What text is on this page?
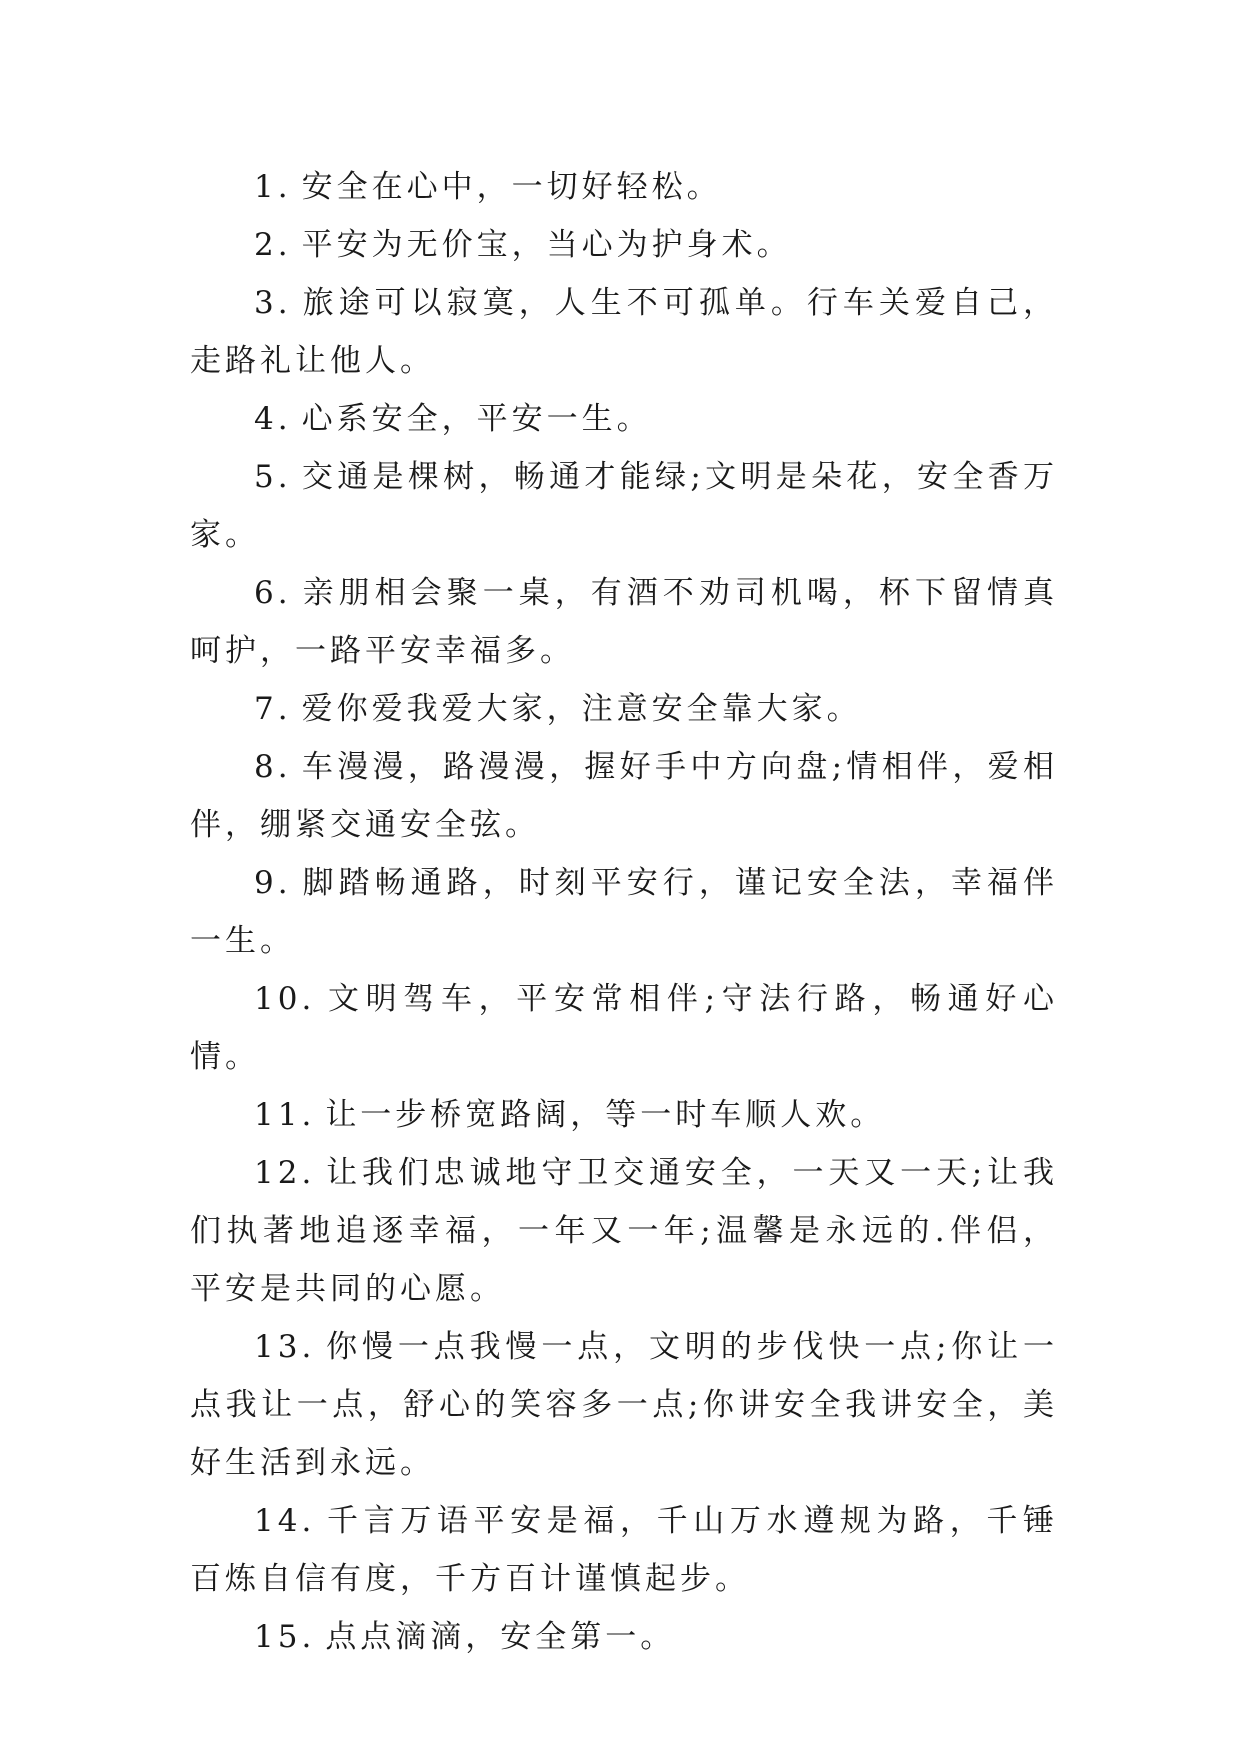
1. 安全在心中，一切好轻松。

2. 平安为无价宝，当心为护身术。

3. 旅途可以寂寞，人生不可孤单。行车关爱自己，走路礼让他人。

4. 心系安全，平安一生。

5. 交通是棵树，畅通才能绿;文明是朵花，安全香万家。

6. 亲朋相会聚一桌，有酒不劝司机喝，杯下留情真呵护，一路平安幸福多。

7. 爱你爱我爱大家，注意安全靠大家。

8. 车漫漫，路漫漫，握好手中方向盘;情相伴，爱相伴，绷紧交通安全弦。

9. 脚踏畅通路，时刻平安行，谨记安全法，幸福伴一生。

10. 文明驾车，平安常相伴;守法行路，畅通好心情。

11. 让一步桥宽路阔，等一时车顺人欢。

12. 让我们忠诚地守卫交通安全，一天又一天;让我们执著地追逐幸福，一年又一年;温馨是永远的.伴侣，平安是共同的心愿。

13. 你慢一点我慢一点，文明的步伐快一点;你让一点我让一点，舒心的笑容多一点;你讲安全我讲安全，美好生活到永远。

14. 千言万语平安是福，千山万水遵规为路，千锤百炼自信有度，千方百计谨慎起步。

15. 点点滴滴，安全第一。
